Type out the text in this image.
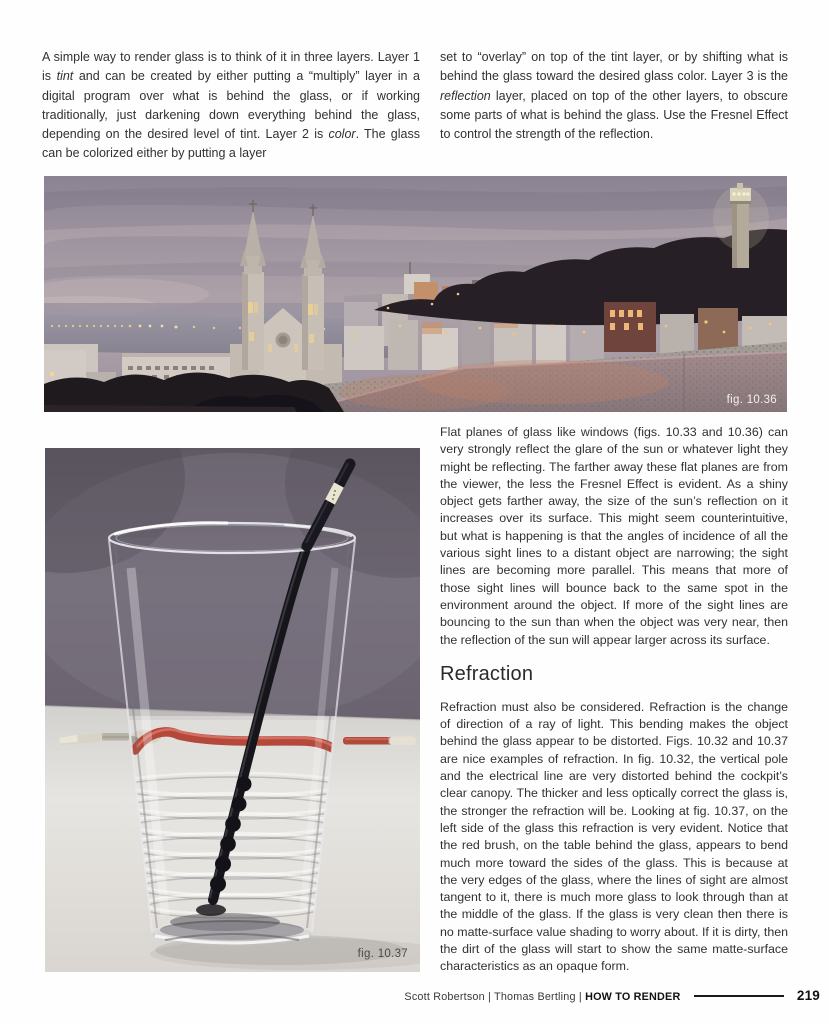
A simple way to render glass is to think of it in three layers. Layer 1 is tint and can be created by either putting a “multiply” layer in a digital program over what is behind the glass, or if working traditionally, just darkening down everything behind the glass, depending on the desired level of tint. Layer 2 is color. The glass can be colorized either by putting a layer

set to “overlay” on top of the tint layer, or by shifting what is behind the glass toward the desired glass color. Layer 3 is the reflection layer, placed on top of the other layers, to obscure some parts of what is behind the glass. Use the Fresnel Effect to control the strength of the reflection.

fig. 10.36
fig. 10.37

Flat planes of glass like windows (figs. 10.33 and 10.36) can very strongly reflect the glare of the sun or whatever light they might be reflecting. The farther away these flat planes are from the viewer, the less the Fresnel Effect is evident. As a shiny object gets farther away, the size of the sun’s reflection on it increases over its surface. This might seem counterintuitive, but what is happening is that the angles of incidence of all the various sight lines to a distant object are narrowing; the sight lines are becoming more parallel. This means that more of those sight lines will bounce back to the same spot in the environment around the object. If more of the sight lines are bouncing to the sun than when the object was very near, then the reflection of the sun will appear larger across its surface.

Refraction

Refraction must also be considered. Refraction is the change of direction of a ray of light. This bending makes the object behind the glass appear to be distorted. Figs. 10.32 and 10.37 are nice examples of refraction. In fig. 10.32, the vertical pole and the electrical line are very distorted behind the cockpit’s clear canopy. The thicker and less optically correct the glass is, the stronger the refraction will be. Looking at fig. 10.37, on the left side of the glass this refraction is very evident. Notice that the red brush, on the table behind the glass, appears to bend much more toward the sides of the glass. This is because at the very edges of the glass, where the lines of sight are almost tangent to it, there is much more glass to look through than at the middle of the glass. If the glass is very clean then there is no matte-surface value shading to worry about. If it is dirty, then the dirt of the glass will start to show the same matte-surface characteristics as an opaque form.

Scott Robertson | Thomas Bertling | HOW TO RENDER	219
